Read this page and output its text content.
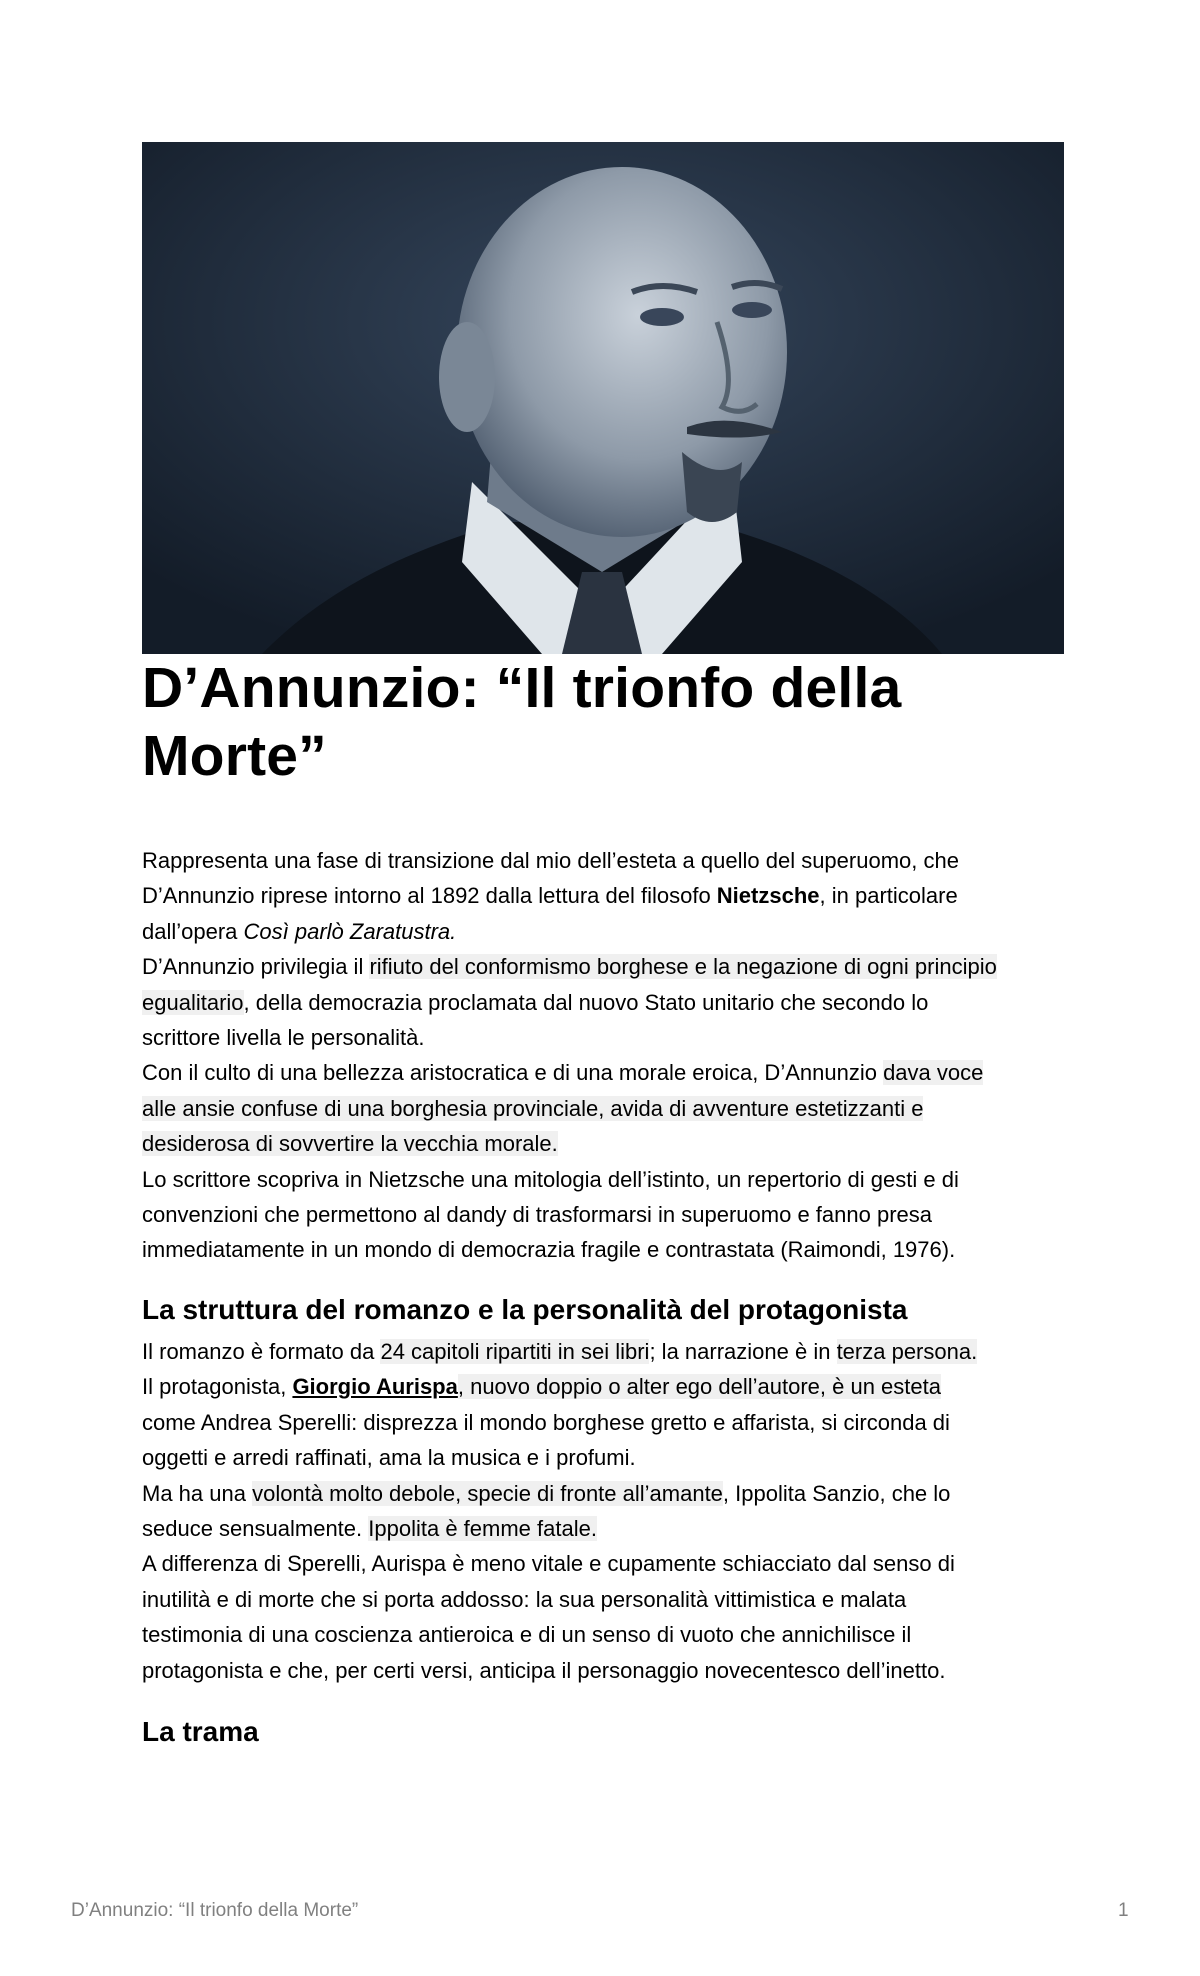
D’Annunzio: “Il trionfo della Morte”

Rappresenta una fase di transizione dal mio dell’esteta a quello del superuomo, che

D’Annunzio riprese intorno al 1892 dalla lettura del filosofo Nietzsche, in particolare

dall’opera Così parlò Zaratustra.

D’Annunzio privilegia il rifiuto del conformismo borghese e la negazione di ogni principio

egualitario, della democrazia proclamata dal nuovo Stato unitario che secondo lo

scrittore livella le personalità.

Con il culto di una bellezza aristocratica e di una morale eroica, D’Annunzio dava voce

alle ansie confuse di una borghesia provinciale, avida di avventure estetizzanti e

desiderosa di sovvertire la vecchia morale.

Lo scrittore scopriva in Nietzsche una mitologia dell’istinto, un repertorio di gesti e di

convenzioni che permettono al dandy di trasformarsi in superuomo e fanno presa

immediatamente in un mondo di democrazia fragile e contrastata (Raimondi, 1976).

La struttura del romanzo e la personalità del protagonista

Il romanzo è formato da 24 capitoli ripartiti in sei libri; la narrazione è in terza persona.

Il protagonista, Giorgio Aurispa, nuovo doppio o alter ego dell’autore, è un esteta

come Andrea Sperelli: disprezza il mondo borghese gretto e affarista, si circonda di

oggetti e arredi raffinati, ama la musica e i profumi.

Ma ha una volontà molto debole, specie di fronte all’amante, Ippolita Sanzio, che lo

seduce sensualmente. Ippolita è femme fatale.

A differenza di Sperelli, Aurispa è meno vitale e cupamente schiacciato dal senso di

inutilità e di morte che si porta addosso: la sua personalità vittimistica e malata

testimonia di una coscienza antieroica e di un senso di vuoto che annichilisce il

protagonista e che, per certi versi, anticipa il personaggio novecentesco dell’inetto.

La trama
D’Annunzio: “Il trionfo della Morte”	1
